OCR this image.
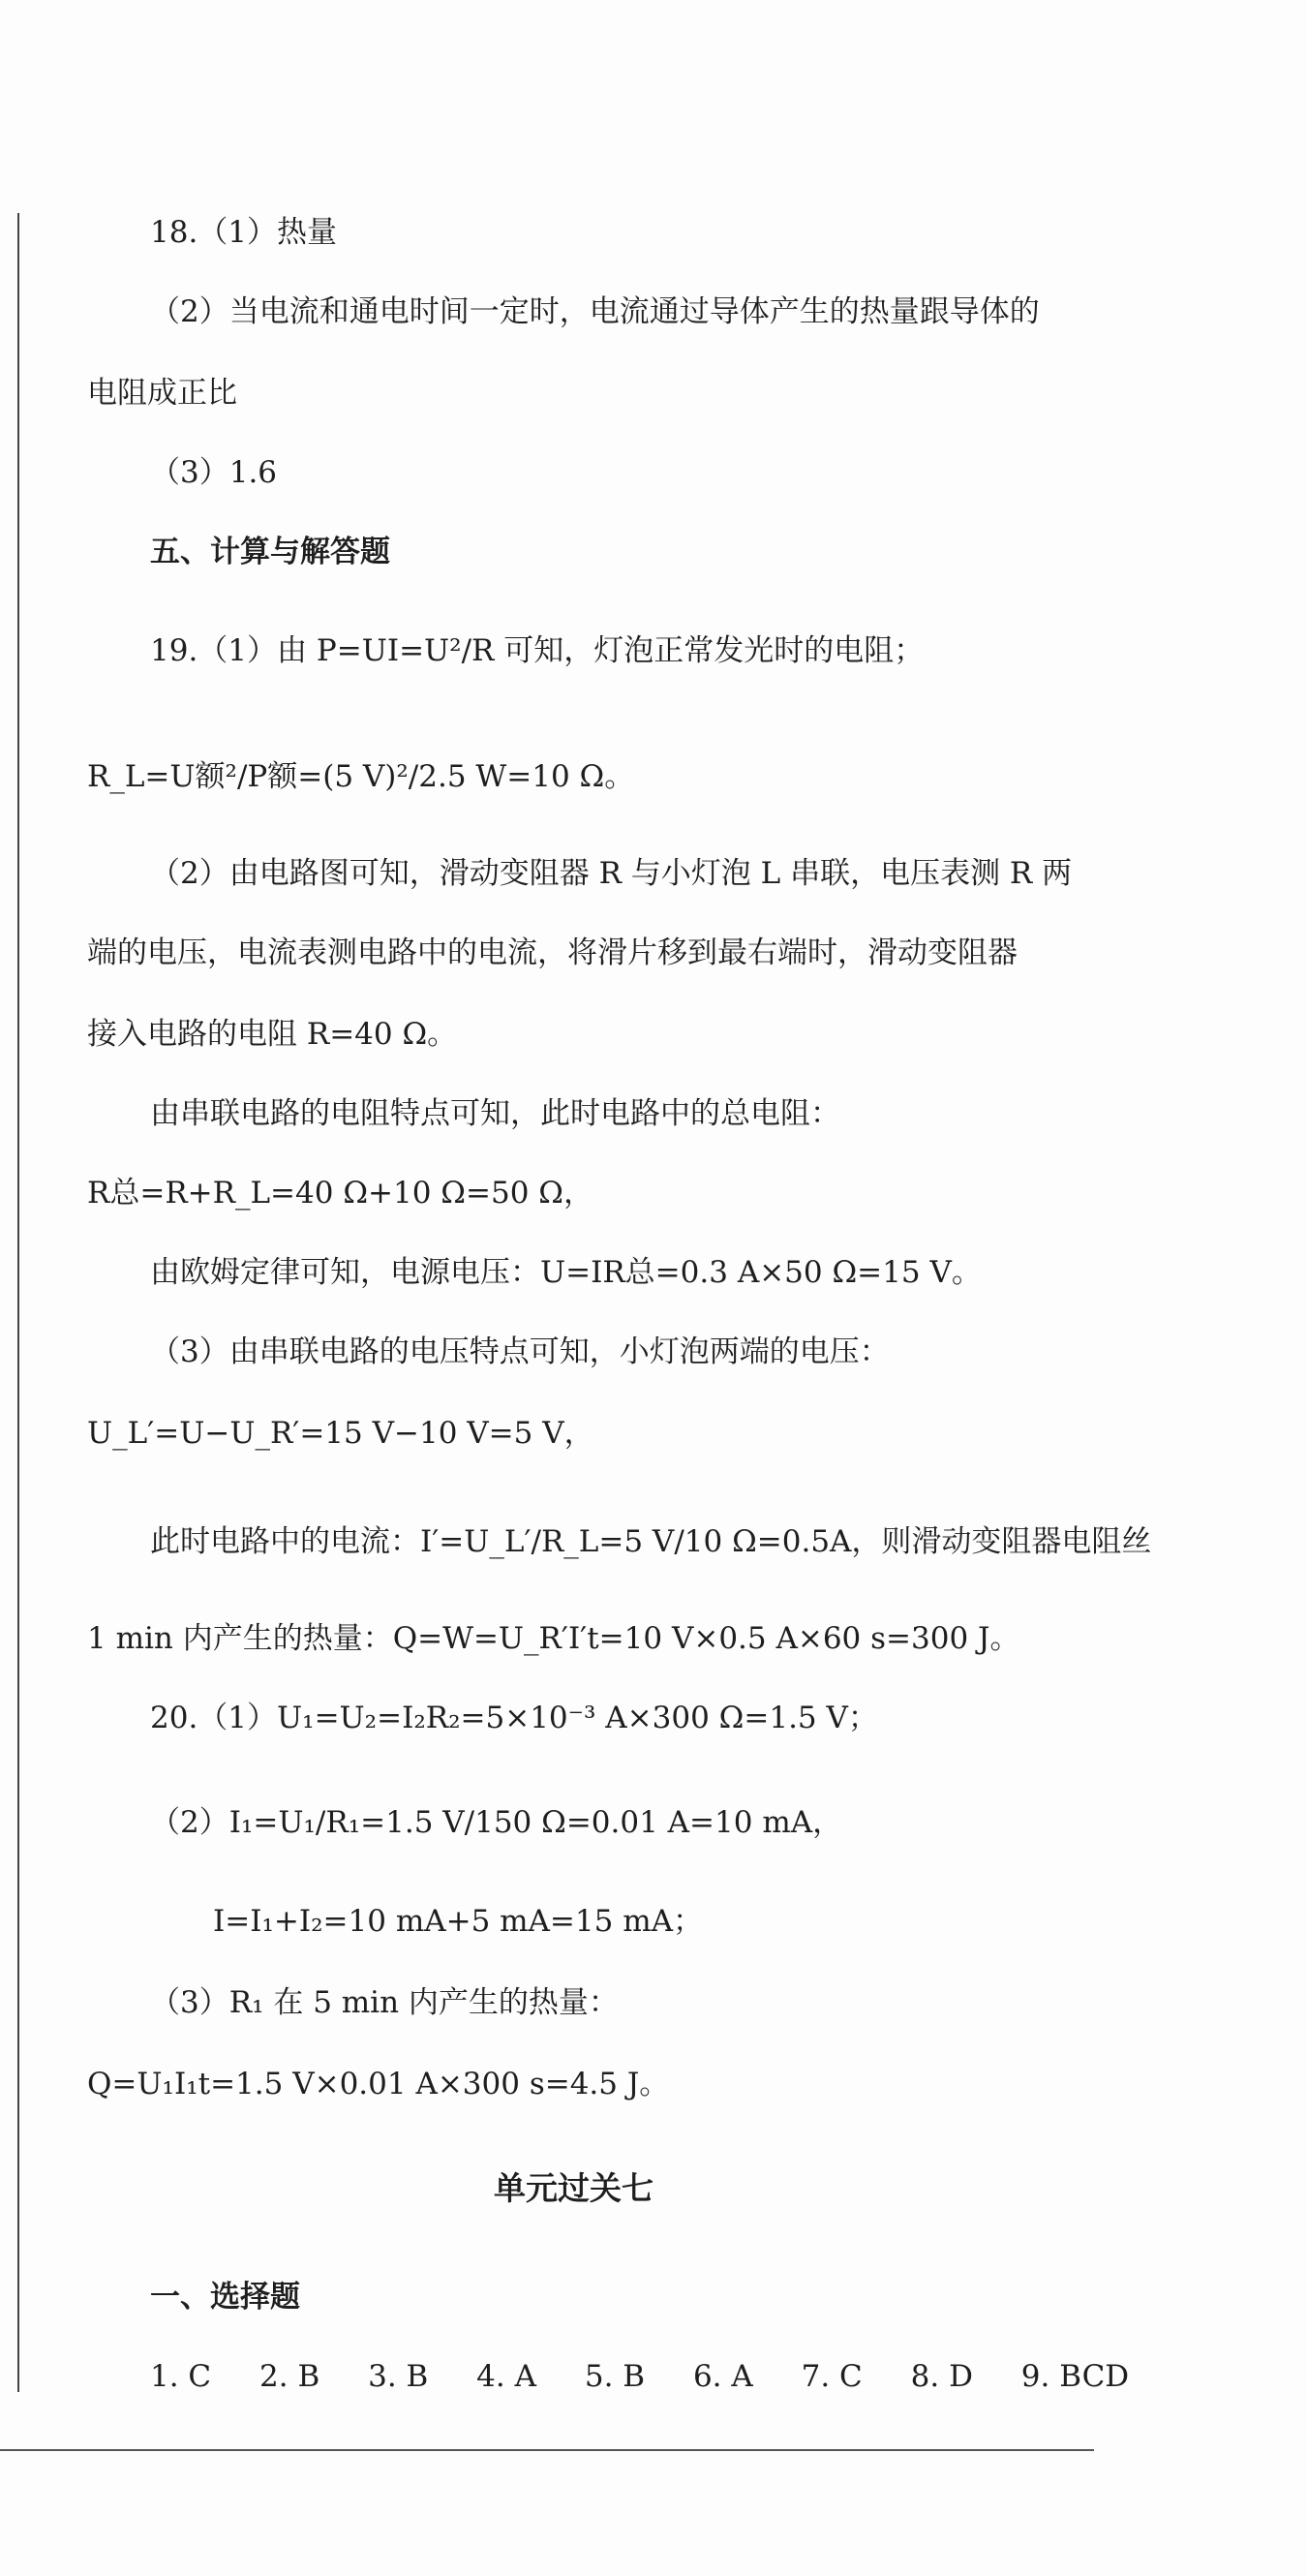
18.（1）热量
（2）当电流和通电时间一定时，电流通过导体产生的热量跟导体的
电阻成正比
（3）1.6
五、计算与解答题
19.（1）由 P=UI=U²/R 可知，灯泡正常发光时的电阻；
R_L=U额²/P额=(5 V)²/2.5 W=10 Ω。
（2）由电路图可知，滑动变阻器 R 与小灯泡 L 串联，电压表测 R 两
端的电压，电流表测电路中的电流，将滑片移到最右端时，滑动变阻器
接入电路的电阻 R=40 Ω。
由串联电路的电阻特点可知，此时电路中的总电阻：
R总=R+R_L=40 Ω+10 Ω=50 Ω，
由欧姆定律可知，电源电压：U=IR总=0.3 A×50 Ω=15 V。
（3）由串联电路的电压特点可知，小灯泡两端的电压：
U_L′=U−U_R′=15 V−10 V=5 V，
此时电路中的电流：I′=U_L′/R_L=5 V/10 Ω=0.5A，则滑动变阻器电阻丝
1 min 内产生的热量：Q=W=U_R′I′t=10 V×0.5 A×60 s=300 J。
20.（1）U₁=U₂=I₂R₂=5×10⁻³ A×300 Ω=1.5 V；
（2）I₁=U₁/R₁=1.5 V/150 Ω=0.01 A=10 mA，
I=I₁+I₂=10 mA+5 mA=15 mA；
（3）R₁ 在 5 min 内产生的热量：
Q=U₁I₁t=1.5 V×0.01 A×300 s=4.5 J。
单元过关七
一、选择题
1. C 2. B 3. B 4. A 5. B 6. A 7. C 8. D 9. BCD
